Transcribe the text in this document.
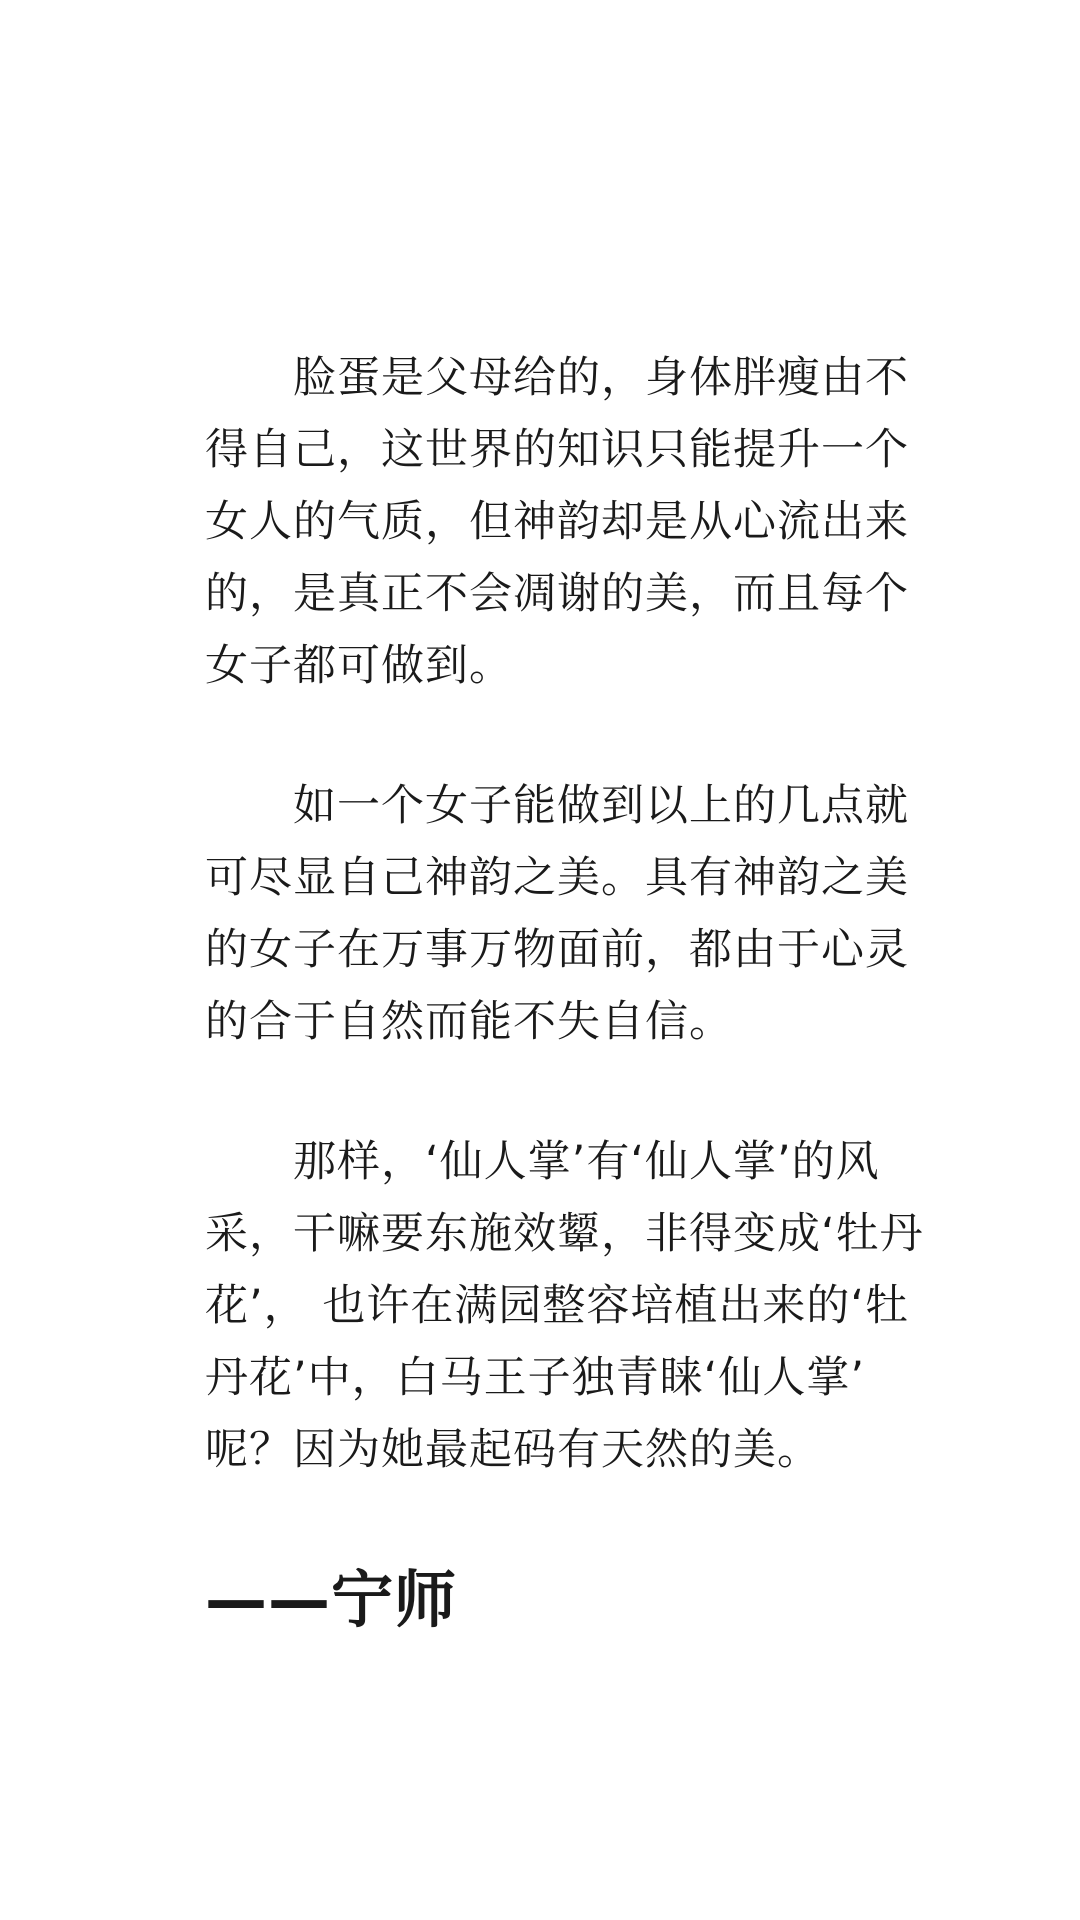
　　脸蛋是父母给的，身体胖瘦由不
得自己，这世界的知识只能提升一个
女人的气质，但神韵却是从心流出来
的，是真正不会凋谢的美，而且每个
女子都可做到。
　　如一个女子能做到以上的几点就
可尽显自己神韵之美。具有神韵之美
的女子在万事万物面前，都由于心灵
的合于自然而能不失自信。
　　那样，‘仙人掌’有‘仙人掌’的风
采，干嘛要东施效颦，非得变成‘牡丹
花’， 也许在满园整容培植出来的‘牡
丹花’中，白马王子独青睐‘仙人掌’
呢？因为她最起码有天然的美。
——宁师
